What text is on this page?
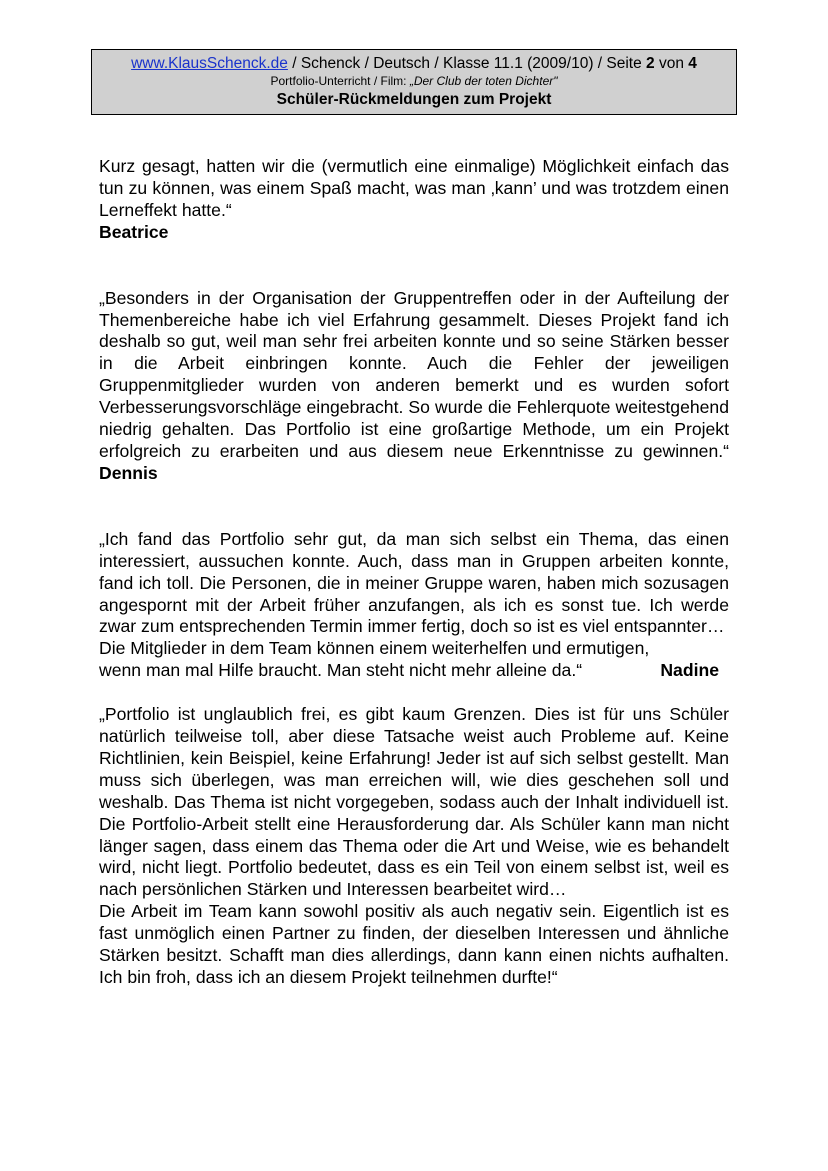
www.KlausSchenck.de / Schenck / Deutsch / Klasse 11.1 (2009/10) / Seite 2 von 4
Portfolio-Unterricht / Film: „Der Club der toten Dichter"
Schüler-Rückmeldungen zum Projekt

Kurz gesagt, hatten wir die (vermutlich eine einmalige) Möglichkeit einfach das tun zu können, was einem Spaß macht, was man ‚kann’ und was trotzdem einen Lerneffekt hatte.“

Beatrice

„Besonders in der Organisation der Gruppentreffen oder in der Aufteilung der Themenbereiche habe ich viel Erfahrung gesammelt. Dieses Projekt fand ich deshalb so gut, weil man sehr frei arbeiten konnte und so seine Stärken besser in die Arbeit einbringen konnte. Auch die Fehler der jeweiligen Gruppenmitglieder wurden von anderen bemerkt und es wurden sofort Verbesserungsvorschläge eingebracht. So wurde die Fehlerquote weitestgehend niedrig gehalten. Das Portfolio ist eine großartige Methode, um ein Projekt erfolgreich zu erarbeiten und aus diesem neue Erkenntnisse zu gewinnen.“ Dennis

„Ich fand das Portfolio sehr gut, da man sich selbst ein Thema, das einen interessiert, aussuchen konnte. Auch, dass man in Gruppen arbeiten konnte, fand ich toll. Die Personen, die in meiner Gruppe waren, haben mich sozusagen angespornt mit der Arbeit früher anzufangen, als ich es sonst tue. Ich werde zwar zum entsprechenden Termin immer fertig, doch so ist es viel entspannter…

Die Mitglieder in dem Team können einem weiterhelfen und ermutigen,

wenn man mal Hilfe braucht. Man steht nicht mehr alleine da.“	Nadine

„Portfolio ist unglaublich frei, es gibt kaum Grenzen. Dies ist für uns Schüler natürlich teilweise toll, aber diese Tatsache weist auch Probleme auf. Keine Richtlinien, kein Beispiel, keine Erfahrung! Jeder ist auf sich selbst gestellt. Man muss sich überlegen, was man erreichen will, wie dies geschehen soll und weshalb. Das Thema ist nicht vorgegeben, sodass auch der Inhalt individuell ist. Die Portfolio-Arbeit stellt eine Herausforderung dar. Als Schüler kann man nicht länger sagen, dass einem das Thema oder die Art und Weise, wie es behandelt wird, nicht liegt. Portfolio bedeutet, dass es ein Teil von einem selbst ist, weil es nach persönlichen Stärken und Interessen bearbeitet wird…

Die Arbeit im Team kann sowohl positiv als auch negativ sein. Eigentlich ist es fast unmöglich einen Partner zu finden, der dieselben Interessen und ähnliche Stärken besitzt. Schafft man dies allerdings, dann kann einen nichts aufhalten. Ich bin froh, dass ich an diesem Projekt teilnehmen durfte!“
